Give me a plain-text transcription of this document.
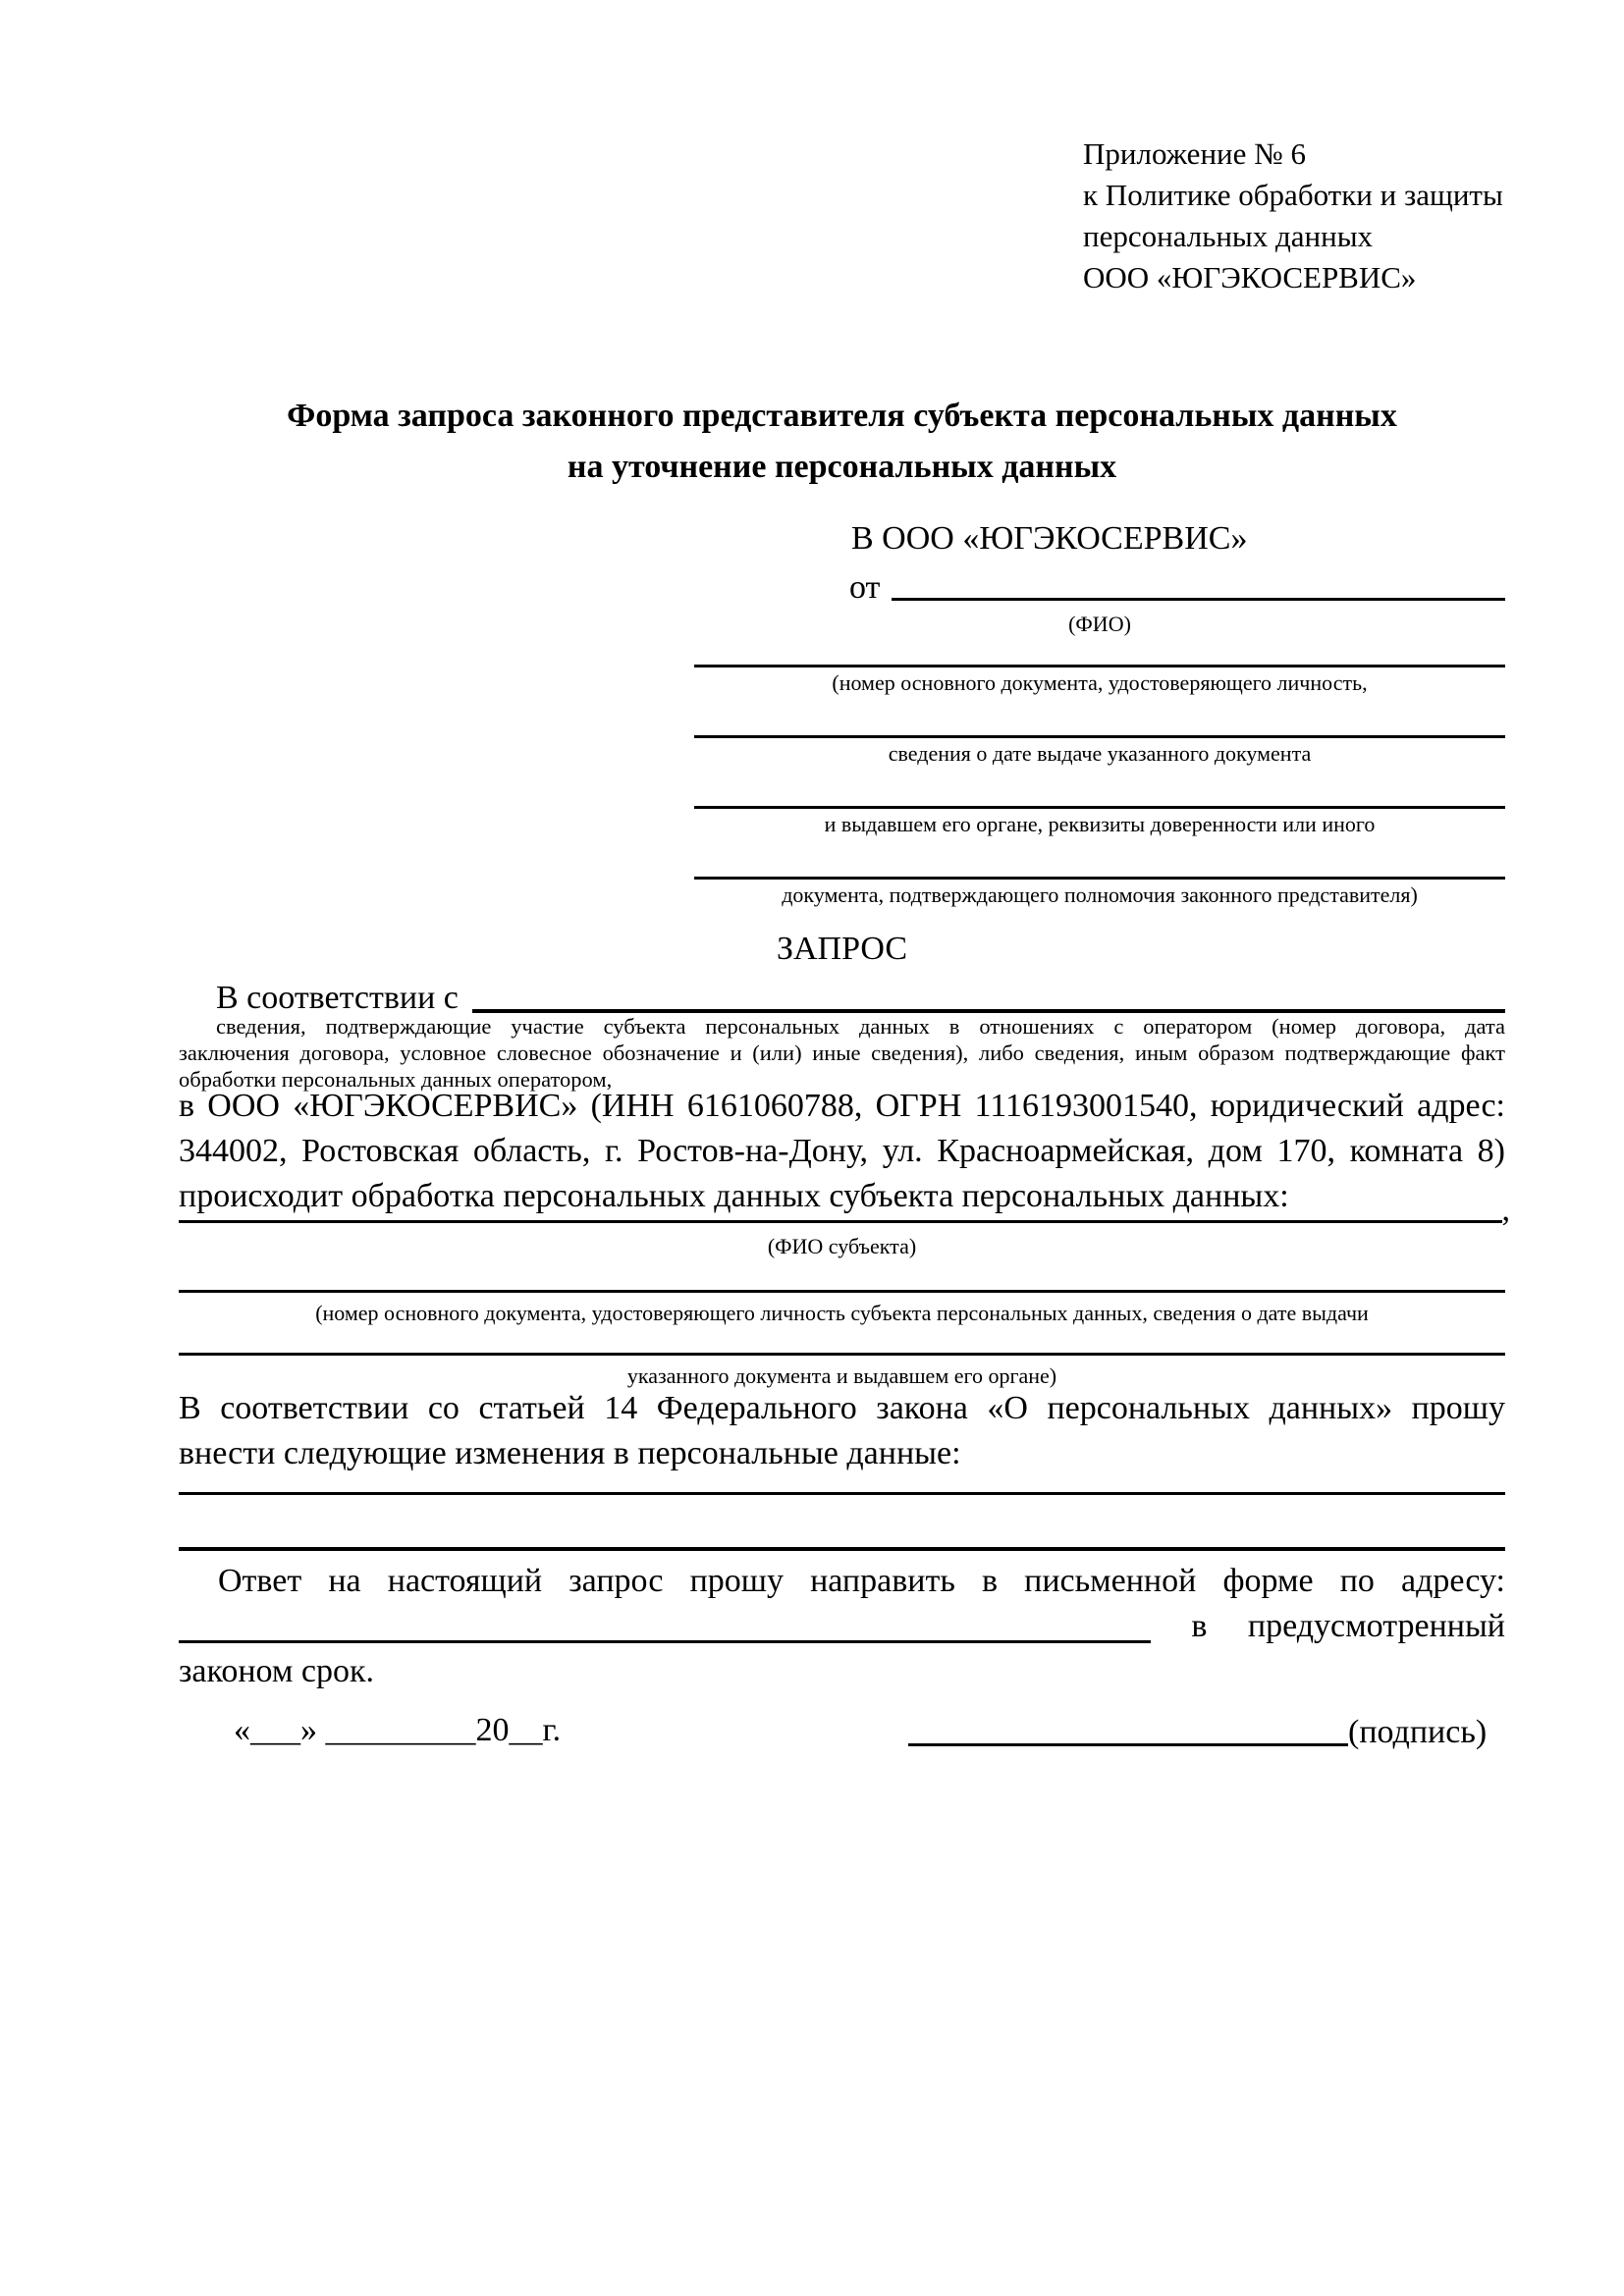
Приложение № 6
к Политике обработки и защиты
персональных данных
ООО «ЮГЭКОСЕРВИС»
Форма запроса законного представителя субъекта персональных данных
на уточнение персональных данных
В ООО «ЮГЭКОСЕРВИС»
от
(ФИО)
(номер основного документа, удостоверяющего личность,
сведения о дате выдаче указанного документа
и выдавшем его органе, реквизиты доверенности или иного
документа, подтверждающего полномочия законного представителя)
ЗАПРОС
В соответствии с
сведения, подтверждающие участие субъекта персональных данных в отношениях с оператором (номер договора, дата
заключения договора, условное словесное обозначение и (или) иные сведения), либо сведения, иным образом подтверждающие факт
обработки персональных данных оператором,
в ООО «ЮГЭКОСЕРВИС» (ИНН 6161060788, ОГРН 1116193001540, юридический адрес:
344002, Ростовская область, г. Ростов-на-Дону, ул. Красноармейская, дом 170, комната 8)
происходит обработка персональных данных субъекта персональных данных:	,
(ФИО субъекта)
(номер основного документа, удостоверяющего личность субъекта персональных данных, сведения о дате выдачи
указанного документа и выдавшем его органе)
В соответствии со статьей 14 Федерального закона «О персональных данных» прошу
внести следующие изменения в персональные данные:
Ответ на настоящий запрос прошу направить в письменной форме по адресу:
в предусмотренный
законом срок.
«___» _________20__г.	(подпись)
